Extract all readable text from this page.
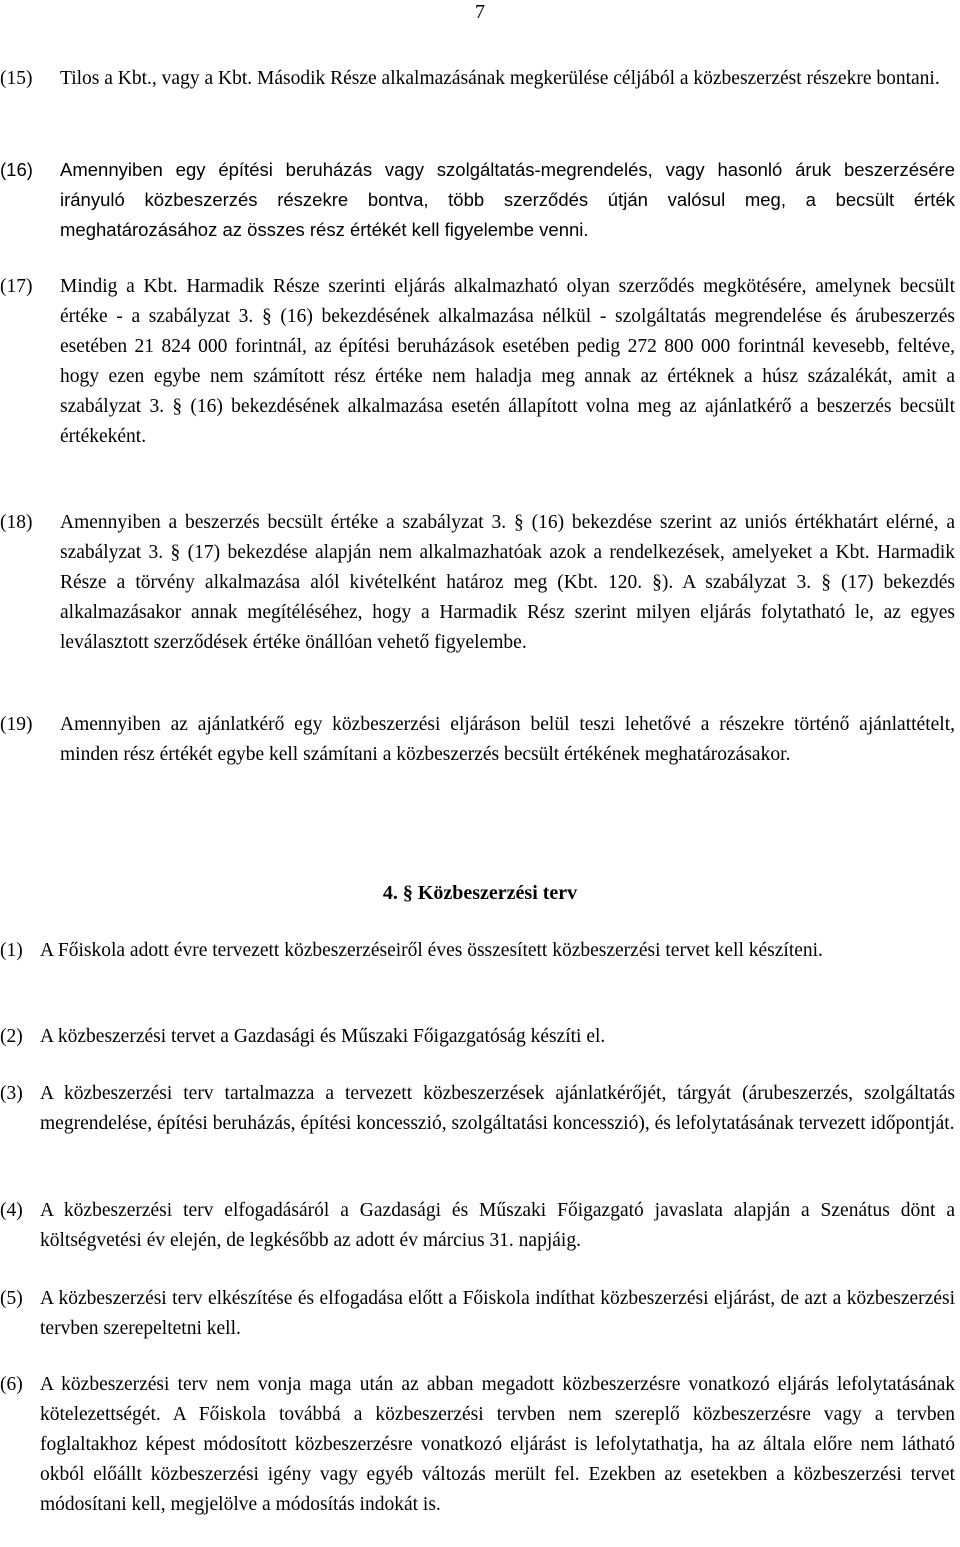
7
(15)	Tilos a Kbt., vagy a Kbt. Második Része alkalmazásának megkerülése céljából a közbeszerzést részekre bontani.
(16)	Amennyiben egy építési beruházás vagy szolgáltatás-megrendelés, vagy hasonló áruk beszerzésére irányuló közbeszerzés részekre bontva, több szerződés útján valósul meg, a becsült érték meghatározásához az összes rész értékét kell figyelembe venni.
(17)	Mindig a Kbt. Harmadik Része szerinti eljárás alkalmazható olyan szerződés megkötésére, amelynek becsült értéke - a szabályzat 3. § (16) bekezdésének alkalmazása nélkül - szolgáltatás megrendelése és árubeszerzés esetében 21 824 000 forintnál, az építési beruházások esetében pedig 272 800 000 forintnál kevesebb, feltéve, hogy ezen egybe nem számított rész értéke nem haladja meg annak az értéknek a húsz százalékát, amit a szabályzat 3. § (16) bekezdésének alkalmazása esetén állapított volna meg az ajánlatkérő a beszerzés becsült értékeként.
(18)	Amennyiben a beszerzés becsült értéke a szabályzat 3. § (16) bekezdése szerint az uniós értékhatárt elérné, a szabályzat 3. § (17) bekezdése alapján nem alkalmazhatóak azok a rendelkezések, amelyeket a Kbt. Harmadik Része a törvény alkalmazása alól kivételként határoz meg (Kbt. 120. §). A szabályzat 3. § (17) bekezdés alkalmazásakor annak megítéléséhez, hogy a Harmadik Rész szerint milyen eljárás folytatható le, az egyes leválasztott szerződések értéke önállóan vehető figyelembe.
(19)	Amennyiben az ajánlatkérő egy közbeszerzési eljáráson belül teszi lehetővé a részekre történő ajánlattételt, minden rész értékét egybe kell számítani a közbeszerzés becsült értékének meghatározásakor.
4. § Közbeszerzési terv
(1) A Főiskola adott évre tervezett közbeszerzéseiről éves összesített közbeszerzési tervet kell készíteni.
(2) A közbeszerzési tervet a Gazdasági és Műszaki Főigazgatóság készíti el.
(3) A közbeszerzési terv tartalmazza a tervezett közbeszerzések ajánlatkérőjét, tárgyát (árubeszerzés, szolgáltatás megrendelése, építési beruházás, építési koncesszió, szolgáltatási koncesszió), és lefolytatásának tervezett időpontját.
(4) A közbeszerzési terv elfogadásáról a Gazdasági és Műszaki Főigazgató javaslata alapján a Szenátus dönt a költségvetési év elején, de legkésőbb az adott év március 31. napjáig.
(5) A közbeszerzési terv elkészítése és elfogadása előtt a Főiskola indíthat közbeszerzési eljárást, de azt a közbeszerzési tervben szerepeltetni kell.
(6) A közbeszerzési terv nem vonja maga után az abban megadott közbeszerzésre vonatkozó eljárás lefolytatásának kötelezettségét. A Főiskola továbbá a közbeszerzési tervben nem szereplő közbeszerzésre vagy a tervben foglaltakhoz képest módosított közbeszerzésre vonatkozó eljárást is lefolytathatja, ha az általa előre nem látható okból előállt közbeszerzési igény vagy egyéb változás merült fel. Ezekben az esetekben a közbeszerzési tervet módosítani kell, megjelölve a módosítás indokát is.
